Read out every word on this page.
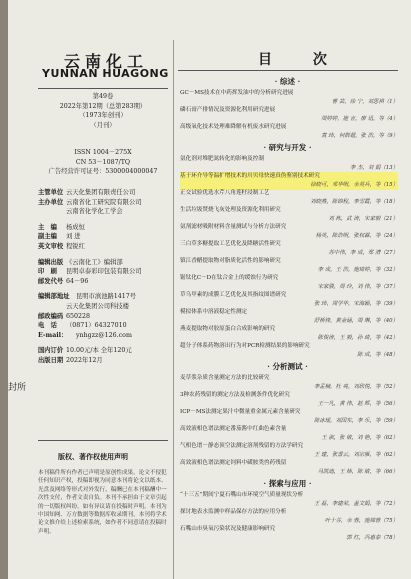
封所
云南化工
YUNNAN HUAGONG
第49卷
2022年第12期（总第283期）
（1973年创刊）
（月刊）
ISSN 1004－275X
CN 53－1087/TQ
广告经营许可证号：5300004000047
主管单位 云天化集团有限责任公司
主办单位 云南省化工研究院有限公司
云南省化学化工学会
主　编 杨成恒
副主编 刘 进
英文审校 程锐红
编辑出版 《云南化工》编辑部
印　刷 昆明卓泰彩印包装有限公司
邮发代号 64－96
编辑部地址 昆明市滇池路1417号
云天化集团公司科技楼
邮政编码 650228
电　话 （0871）64327010
E-mail： ynhgzz@126.com
国内订价 10.00元/本 全年120元
出版日期 2022年12月
版权、著作权使用声明
本刊稿件所有作者已声明是原创性成果，论文不侵犯任何知识产权，投稿即视为同意本刊将论文以纸本、光盘及网络等形式对外发行，稿酬已在本刊稿酬中一次性支付，作者文责自负。本刊不承担由于文章引起的一切版权纠纷，如有异议请在投稿时声明。本刊为中国知网、万方数据等数据库收录期刊，本刊将学术论文推介给上述检索系统，如作者不同意请在投稿时声明。
目 次
· 综述 ·
GC－MS技术在中药挥发油中的分析研究进展
曹 芸，徐 宁，刘思祺（1）
磷石膏产排情况及资源化利用研究进展
周婷婷，施 言，廖 迅，等（4）
高级氧化技术处理难降解有机废水研究进展
袁 玮，何群超，张 浩，等（9）
· 研究与开发 ·
氨化剂对堆肥氮转化的影响及控制
李 杰，刘 娟（13）
基于环介导等温扩增技术的川贝母快速真伪鉴别技术研究
徐晓可，邓华明，余英兵，等（15）
正交试验优选水芹八角莲籽浸制工艺
刘晓燕，陈锦程，李雪霞，等（18）
生活垃圾焚烧飞灰处理及资源化利用研究
刘 栋，武 涛，宋家毅（21）
氨剂滤材吸附材料含量测试与分析方法研究
杨英，陈浩明，张权霖，等（24）
三白草多糖提取工艺优化及降糖活性研究
苏中伟，李 成，郑 清（27）
镇江香醋提取物对脂质化活性的影响研究
李 成，王 浩，施琦婷，等（32）
锯钛化C－D在钛合金上的缓蚀行为研究
宋家骏，周 玲，刘 伟，等（37）
草乌甲素的成膜工艺优化及其指纹图谱研究
张 玮，周学华，宋海颖，等（39）
模拟体系中溶液稳定性测定
舒桥锋，黄金涵，周 琳，等（40）
燕麦提取物对胶原蛋白合成影响的研究
陈俊涛，王 毅，孙 琦，等（42）
超分子体系药物溶出行为对PCR检测结果的影响研究
陈 成，等（48）
· 分析测试 ·
麦草浆杂质含量测定方法的比较研究
李孟楠，杜 亮，刘欣悦，等（52）
3种农药残留的测定方法及检测条件优化研究
王一凡，黄 伟，赵 辉，等（56）
ICP－MS法测定果汁中微量重金属元素含量研究
陈冰瑶，刘国东，李 乐，等（59）
高效液相色谱法测定番茄酱中红曲色素含量
王 淑，张 敏，刘 艳，等（62）
气相色谱－静态顶空法测定溶剂残留的方法学研究
王 建，张香云，刘宗雁，等（62）
高效液相色谱法测定饲料中磺胺类兽药残留
马凯迪，王 炜，陈 敏，等（66）
· 探索与应用 ·
“十三五”期间宁夏石嘴山市环境空气质量现状分析
王 磊，李建荣，盖文娟，等（72）
探讨地表水监测中样品保存方法的应用分析
叶十芬，余 蓉，施锦蓉（75）
石嘴山市臭氧污染状况及健康影响研究
郭 红，冯惠泰（78）
